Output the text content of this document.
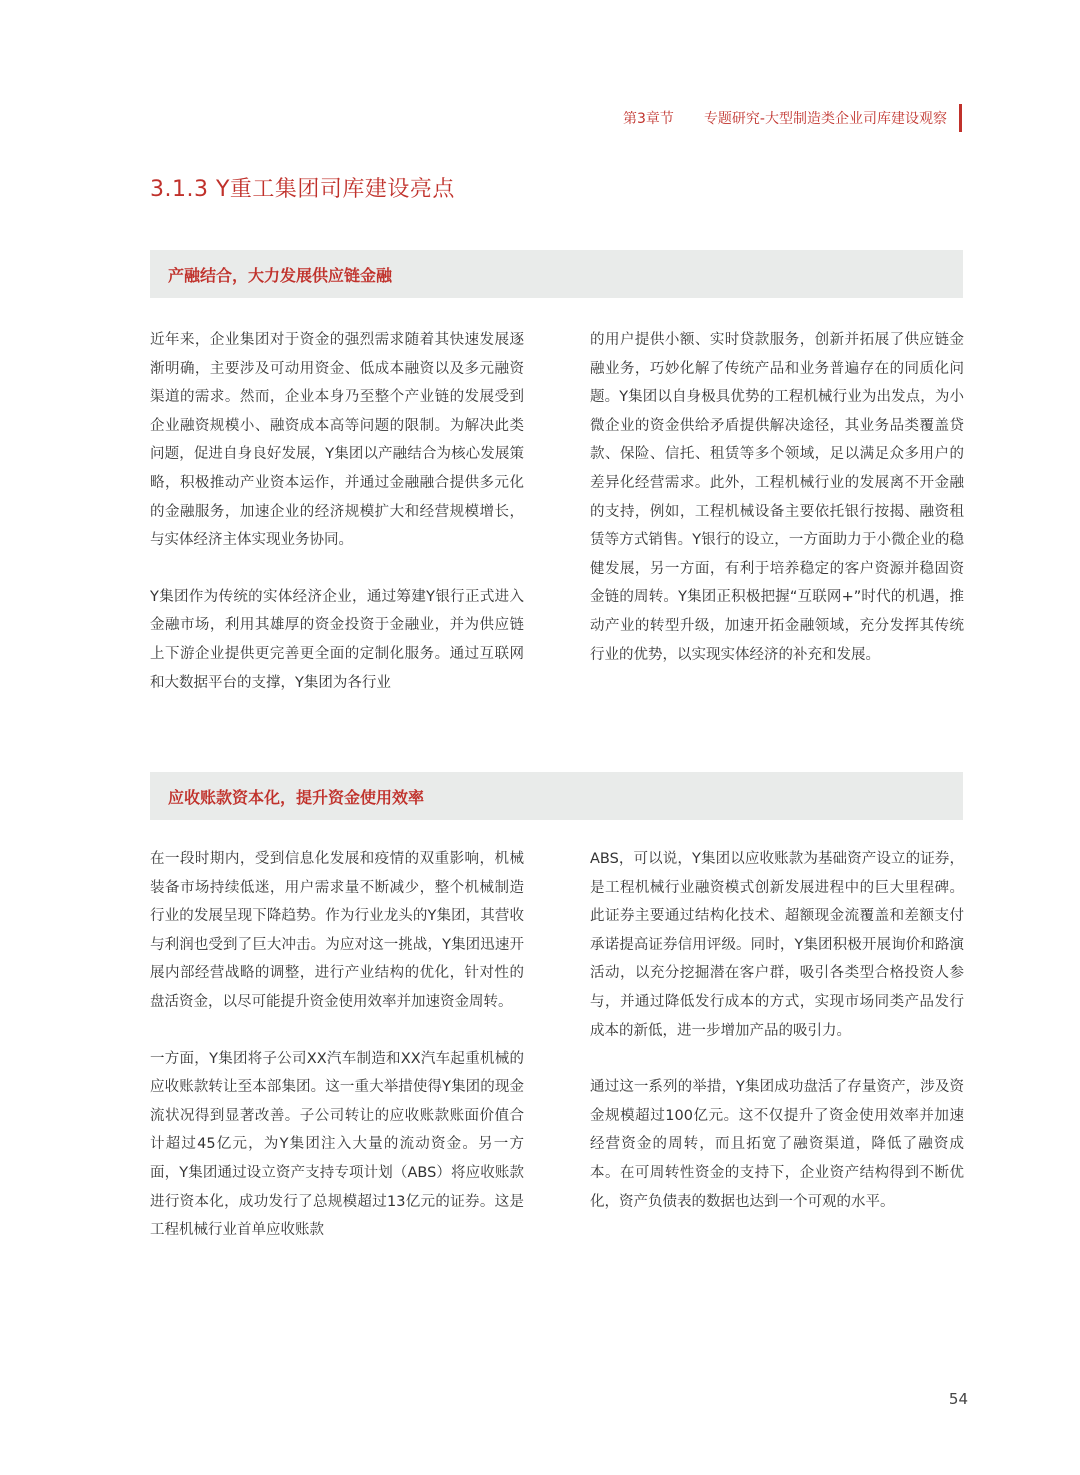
第3章节 专题研究-大型制造类企业司库建设观察
3.1.3 Y重工集团司库建设亮点
产融结合，大力发展供应链金融

近年来，企业集团对于资金的强烈需求随着其快速发展逐渐明确，主要涉及可动用资金、低成本融资以及多元融资渠道的需求。然而，企业本身乃至整个产业链的发展受到企业融资规模小、融资成本高等问题的限制。为解决此类问题，促进自身良好发展，Y集团以产融结合为核心发展策略，积极推动产业资本运作，并通过金融融合提供多元化的金融服务，加速企业的经济规模扩大和经营规模增长，与实体经济主体实现业务协同。

Y集团作为传统的实体经济企业，通过筹建Y银行正式进入金融市场，利用其雄厚的资金投资于金融业，并为供应链上下游企业提供更完善更全面的定制化服务。通过互联网和大数据平台的支撑，Y集团为各行业

的用户提供小额、实时贷款服务，创新并拓展了供应链金融业务，巧妙化解了传统产品和业务普遍存在的同质化问题。Y集团以自身极具优势的工程机械行业为出发点，为小微企业的资金供给矛盾提供解决途径，其业务品类覆盖贷款、保险、信托、租赁等多个领域，足以满足众多用户的差异化经营需求。此外，工程机械行业的发展离不开金融的支持，例如，工程机械设备主要依托银行按揭、融资租赁等方式销售。Y银行的设立，一方面助力于小微企业的稳健发展，另一方面，有利于培养稳定的客户资源并稳固资金链的周转。Y集团正积极把握“互联网+”时代的机遇，推动产业的转型升级，加速开拓金融领域，充分发挥其传统行业的优势，以实现实体经济的补充和发展。

应收账款资本化，提升资金使用效率

在一段时期内，受到信息化发展和疫情的双重影响，机械装备市场持续低迷，用户需求量不断减少，整个机械制造行业的发展呈现下降趋势。作为行业龙头的Y集团，其营收与利润也受到了巨大冲击。为应对这一挑战，Y集团迅速开展内部经营战略的调整，进行产业结构的优化，针对性的盘活资金，以尽可能提升资金使用效率并加速资金周转。

一方面，Y集团将子公司XX汽车制造和XX汽车起重机械的应收账款转让至本部集团。这一重大举措使得Y集团的现金流状况得到显著改善。子公司转让的应收账款账面价值合计超过45亿元，为Y集团注入大量的流动资金。另一方面，Y集团通过设立资产支持专项计划（ABS）将应收账款进行资本化，成功发行了总规模超过13亿元的证券。这是工程机械行业首单应收账款

ABS，可以说，Y集团以应收账款为基础资产设立的证券，是工程机械行业融资模式创新发展进程中的巨大里程碑。此证券主要通过结构化技术、超额现金流覆盖和差额支付承诺提高证券信用评级。同时，Y集团积极开展询价和路演活动，以充分挖掘潜在客户群，吸引各类型合格投资人参与，并通过降低发行成本的方式，实现市场同类产品发行成本的新低，进一步增加产品的吸引力。

通过这一系列的举措，Y集团成功盘活了存量资产，涉及资金规模超过100亿元。这不仅提升了资金使用效率并加速经营资金的周转，而且拓宽了融资渠道，降低了融资成本。在可周转性资金的支持下，企业资产结构得到不断优化，资产负债表的数据也达到一个可观的水平。

54
